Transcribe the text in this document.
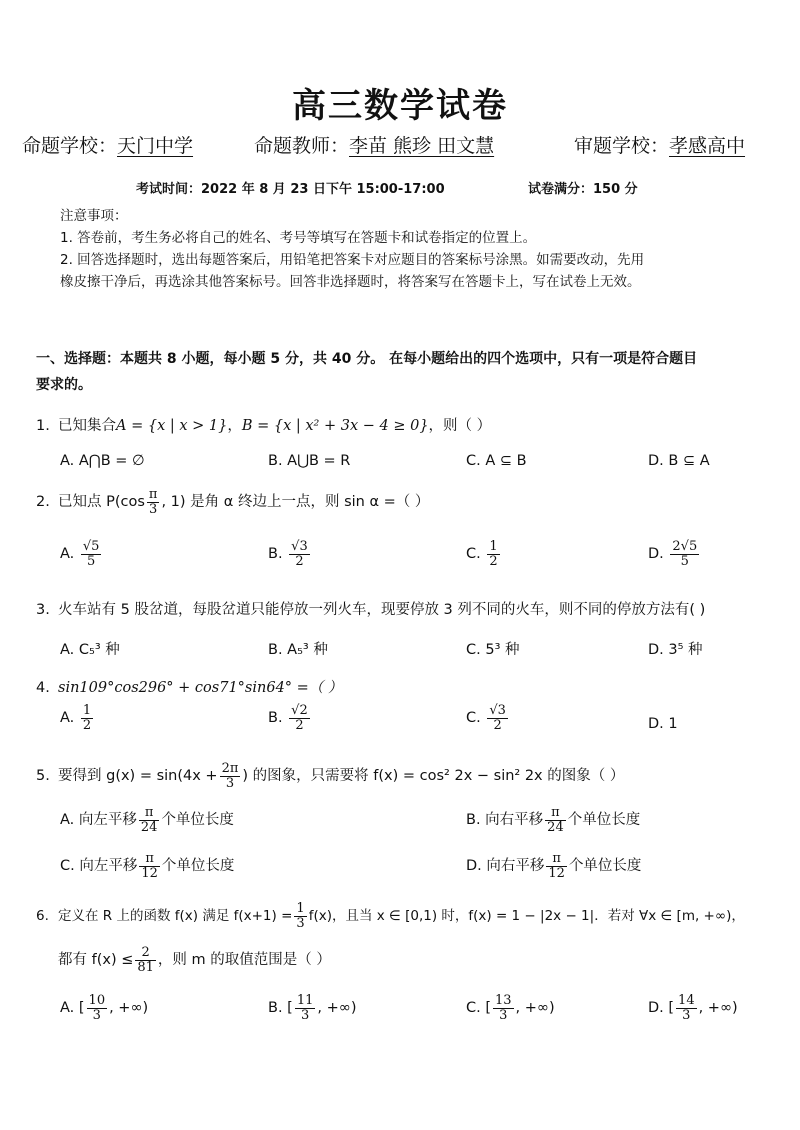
高三数学试卷
命题学校：天门中学	命题教师：李苗 熊珍 田文慧	审题学校：孝感高中
考试时间：2022 年 8 月 23 日下午 15:00-17:00	试卷满分：150 分
注意事项：
1. 答卷前，考生务必将自己的姓名、考号等填写在答题卡和试卷指定的位置上。
2. 回答选择题时，选出每题答案后，用铅笔把答案卡对应题目的答案标号涂黑。如需要改动，先用
橡皮擦干净后，再选涂其他答案标号。回答非选择题时，将答案写在答题卡上，写在试卷上无效。
一、选择题：本题共 8 小题，每小题 5 分，共 40 分。 在每小题给出的四个选项中，只有一项是符合题目
要求的。
1. 已知集合A = {x | x > 1}，B = {x | x² + 3x − 4 ≥ 0}，则（ ）
A. A⋂B = ∅	B. A⋃B = R	C. A ⊆ B	D. B ⊆ A
2. 已知点 $P(\cos \frac{\pi}{3}$ , 1) 是角 α 终边上一点，则 sin α =（ ）
A. $\frac{√5}{5}$	B. $\frac{√3}{2}$	C. $\frac{1}{2}$	D. $\frac{2√5}{5}$
3. 火车站有 5 股岔道，每股岔道只能停放一列火车，现要停放 3 列不同的火车，则不同的停放方法有( )
A. C₅³ 种	B. A₅³ 种	C. 5³ 种	D. 3⁵ 种
4. sin109°cos296° + cos71°sin64° =（ ）
A. $\frac{1}{2}$	B. $\frac{√2}{2}$	C. $\frac{√3}{2}$	D. 1
5. 要得到 $g(x) = \sin(4x + \frac{2\pi}{3}$ ) 的图象，只需要将 f(x) = cos² 2x − sin² 2x 的图象（ ）
A. 向左平移 $\frac{\pi}{24}$ 个单位长度	B. 向右平移 $\frac{\pi}{24}$ 个单位长度
C. 向左平移 $\frac{\pi}{12}$ 个单位长度	D. 向右平移 $\frac{\pi}{12}$ 个单位长度
6. 定义在 R 上的函数 f(x) 满足 $f(x+1) = \frac{1}{3} f(x)$，且当 x ∈ [0,1) 时，f(x) = 1 − |2x − 1|．若对 ∀x ∈ [m, +∞)，
都有 $f(x) \le \frac{2}{81}$ ，则 m 的取值范围是（ ）
A. [ $\frac{10}{3}$ , +∞)	B. [ $\frac{11}{3}$ , +∞)	C. [ $\frac{13}{3}$ , +∞)	D. [ $\frac{14}{3}$ , +∞)
